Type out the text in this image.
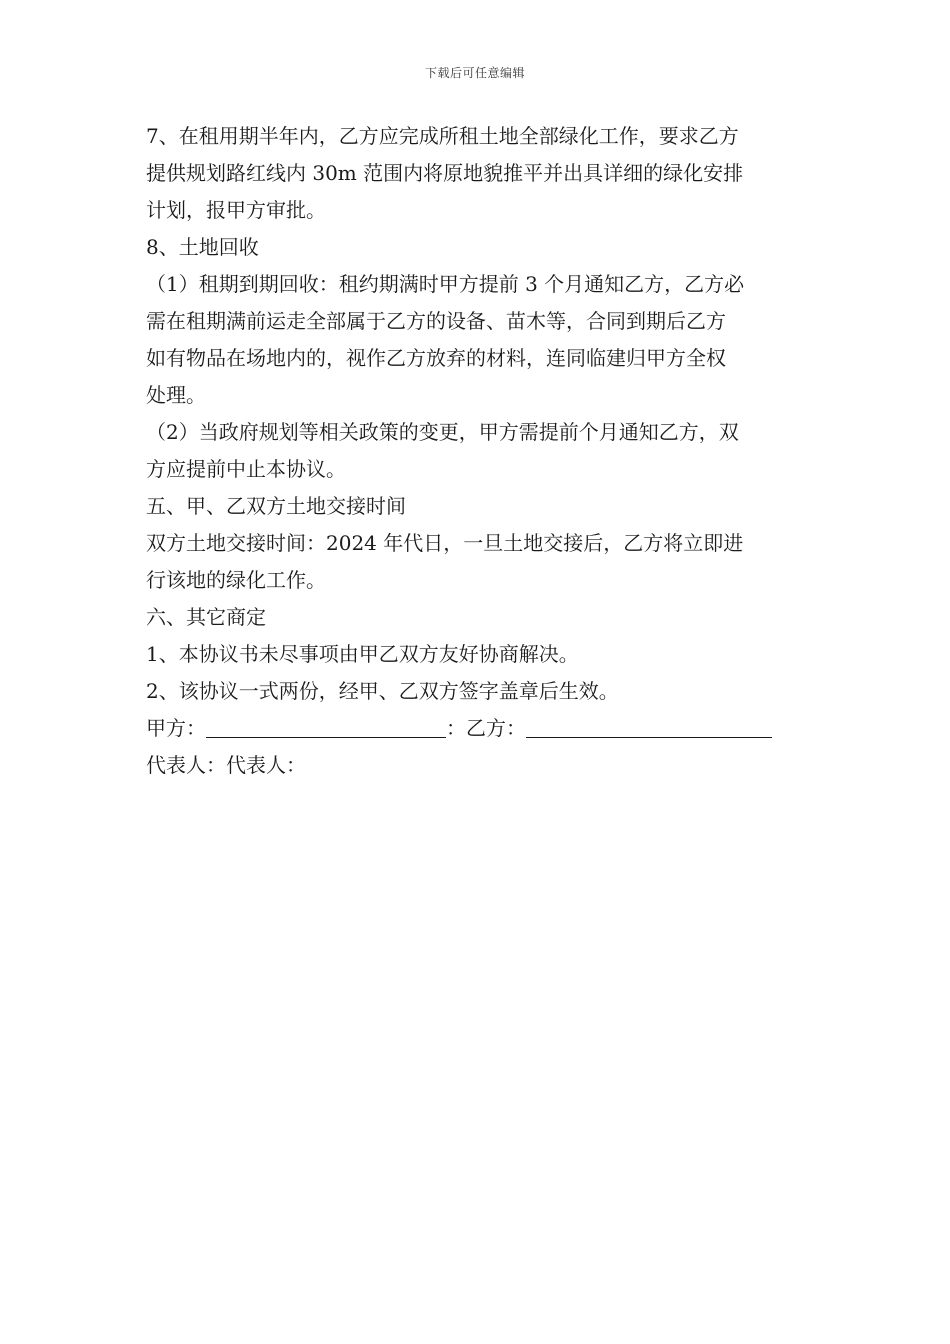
下载后可任意编辑

7、在租用期半年内，乙方应完成所租土地全部绿化工作，要求乙方
提供规划路红线内 30m 范围内将原地貌推平并出具详细的绿化安排
计划，报甲方审批。

8、土地回收

（1）租期到期回收：租约期满时甲方提前 3 个月通知乙方，乙方必
需在租期满前运走全部属于乙方的设备、苗木等，合同到期后乙方
如有物品在场地内的，视作乙方放弃的材料，连同临建归甲方全权
处理。

（2）当政府规划等相关政策的变更，甲方需提前个月通知乙方，双
方应提前中止本协议。

五、甲、乙双方土地交接时间

双方土地交接时间：2024 年代日，一旦土地交接后，乙方将立即进
行该地的绿化工作。

六、其它商定

1、本协议书未尽事项由甲乙双方友好协商解决。

2、该协议一式两份，经甲、乙双方签字盖章后生效。

甲方：	：乙方：

代表人：代表人：
